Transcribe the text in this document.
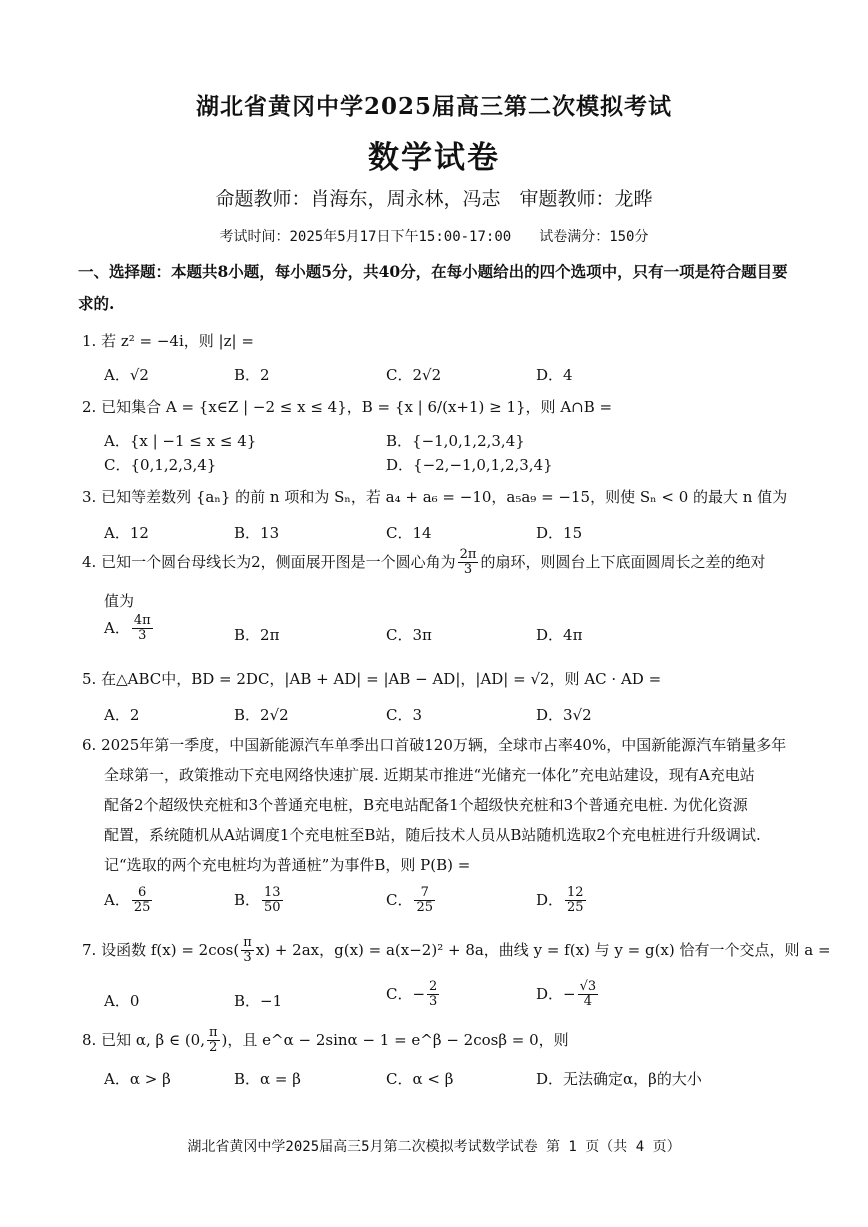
湖北省黄冈中学2025届高三第二次模拟考试
数学试卷
命题教师：肖海东，周永林，冯志　审题教师：龙晔
考试时间：2025年5月17日下午15:00-17:00　　试卷满分：150分
一、选择题：本题共8小题，每小题5分，共40分，在每小题给出的四个选项中，只有一项是符合题目要求的.
1. 若 z² = −4i，则 |z| =
A．√2	B．2	C．2√2	D．4
2. 已知集合 A = {x∈Z | −2 ≤ x ≤ 4}，B = {x | 6/(x+1) ≥ 1}，则 A∩B =
A．{x | −1 ≤ x ≤ 4}	B．{−1,0,1,2,3,4}
C．{0,1,2,3,4}	D．{−2,−1,0,1,2,3,4}
3. 已知等差数列 {aₙ} 的前 n 项和为 Sₙ，若 a₄ + a₆ = −10，a₅a₉ = −15，则使 Sₙ < 0 的最大 n 值为
A．12	B．13	C．14	D．15
4. 已知一个圆台母线长为2，侧面展开图是一个圆心角为 $\frac{2\pi}{3}$ 的扇环，则圆台上下底面圆周长之差的绝对
值为
A． $\frac{4\pi}{3}$	B．2π	C．3π	D．4π
5. 在△ABC中，BD = 2DC，|AB + AD| = |AB − AD|，|AD| = √2，则 AC · AD =
A．2	B．2√2	C．3	D．3√2
6. 2025年第一季度，中国新能源汽车单季出口首破120万辆，全球市占率40%，中国新能源汽车销量多年
全球第一，政策推动下充电网络快速扩展. 近期某市推进“光储充一体化”充电站建设，现有A充电站
配备2个超级快充桩和3个普通充电桩，B充电站配备1个超级快充桩和3个普通充电桩. 为优化资源
配置，系统随机从A站调度1个充电桩至B站，随后技术人员从B站随机选取2个充电桩进行升级调试.
记“选取的两个充电桩均为普通桩”为事件B，则 P(B) =
A． $\frac{6}{25}$	B． $\frac{13}{50}$	C． $\frac{7}{25}$	D． $\frac{12}{25}$
7. 设函数 $f(x) = 2\cos( \frac{\pi}{3} x) + 2ax$，g(x) = a(x−2)² + 8a，曲线 y = f(x) 与 y = g(x) 恰有一个交点，则 a =
A．0	B．−1	C．− $\frac{2}{3}$	D．− $\frac{√3}{4}$
8. 已知 α, β ∈ (0, $\frac{\pi}{2}$ )，且 e^α − 2sinα − 1 = e^β − 2cosβ = 0，则
A．α > β	B．α = β	C．α < β	D．无法确定α，β的大小
湖北省黄冈中学2025届高三5月第二次模拟考试数学试卷 第 1 页（共 4 页）
